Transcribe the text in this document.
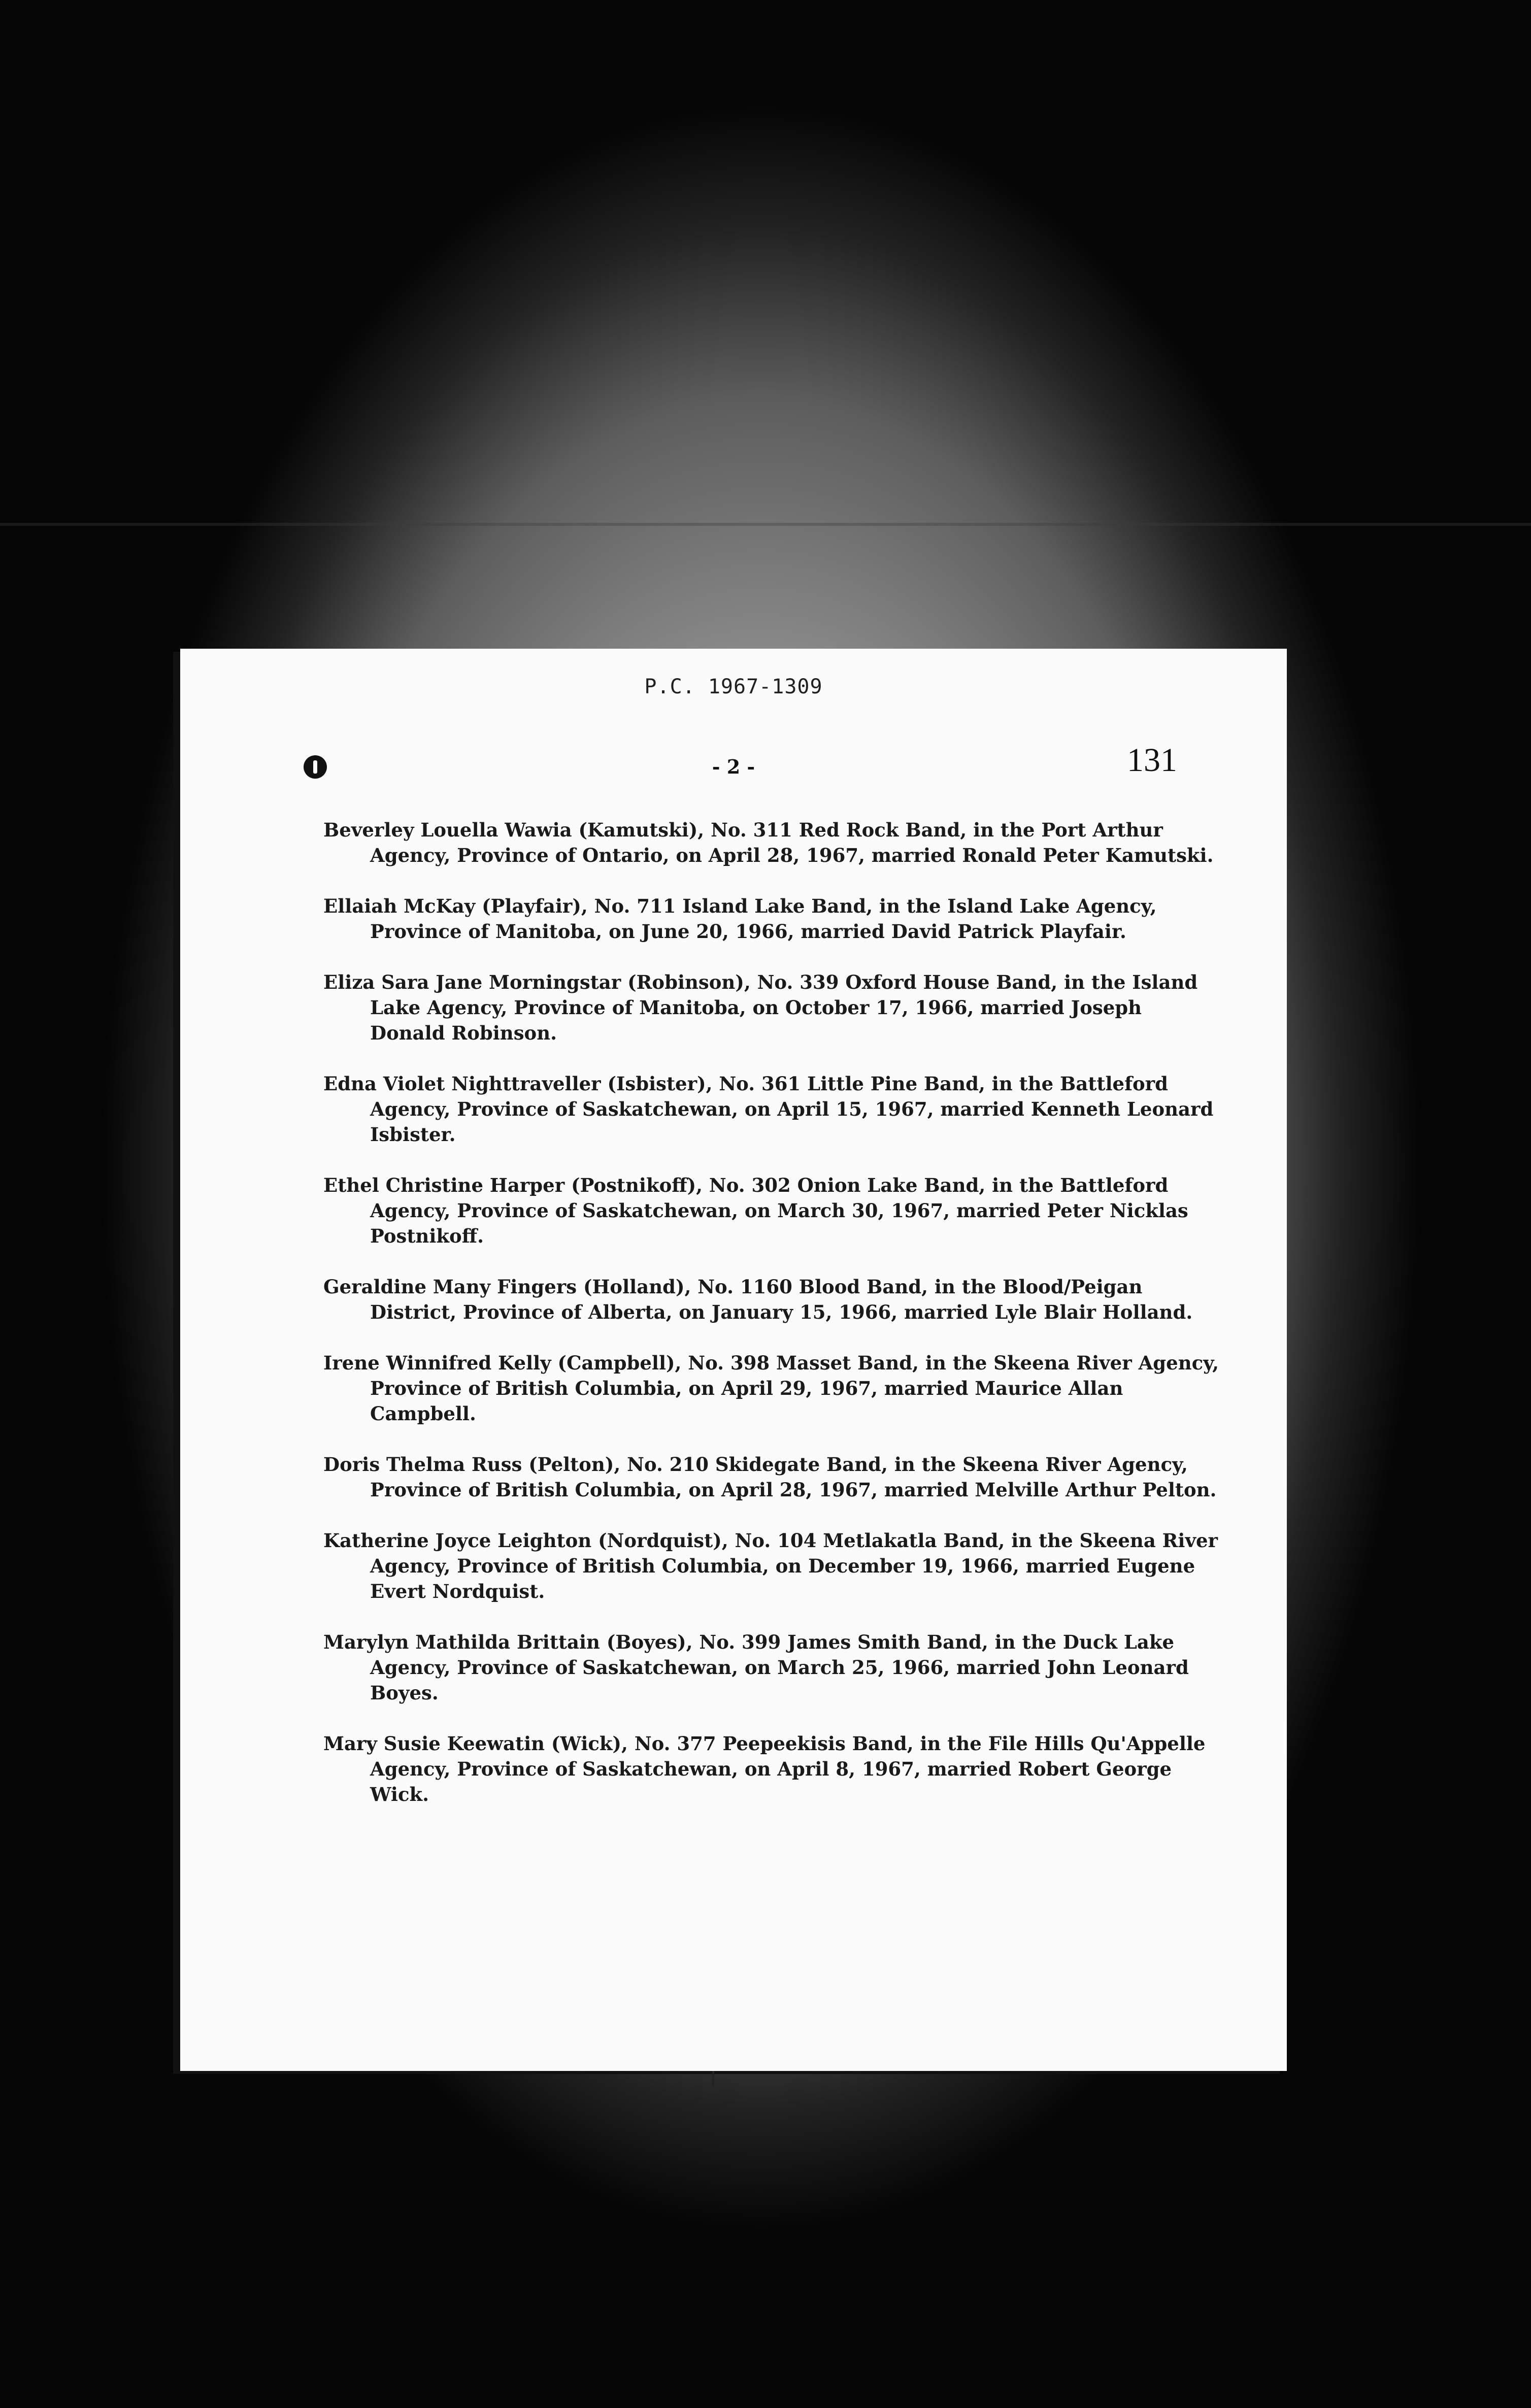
P.C. 1967-1309
- 2 -	131

Beverley Louella Wawia (Kamutski), No. 311 Red Rock Band, in the Port Arthur Agency, Province of Ontario, on April 28, 1967, married Ronald Peter Kamutski.

Ellaiah McKay (Playfair), No. 711 Island Lake Band, in the Island Lake Agency, Province of Manitoba, on June 20, 1966, married David Patrick Playfair.

Eliza Sara Jane Morningstar (Robinson), No. 339 Oxford House Band, in the Island Lake Agency, Province of Manitoba, on October 17, 1966, married Joseph Donald Robinson.

Edna Violet Nighttraveller (Isbister), No. 361 Little Pine Band, in the Battleford Agency, Province of Saskatchewan, on April 15, 1967, married Kenneth Leonard Isbister.

Ethel Christine Harper (Postnikoff), No. 302 Onion Lake Band, in the Battleford Agency, Province of Saskatchewan, on March 30, 1967, married Peter Nicklas Postnikoff.

Geraldine Many Fingers (Holland), No. 1160 Blood Band, in the Blood/Peigan District, Province of Alberta, on January 15, 1966, married Lyle Blair Holland.

Irene Winnifred Kelly (Campbell), No. 398 Masset Band, in the Skeena River Agency, Province of British Columbia, on April 29, 1967, married Maurice Allan Campbell.

Doris Thelma Russ (Pelton), No. 210 Skidegate Band, in the Skeena River Agency, Province of British Columbia, on April 28, 1967, married Melville Arthur Pelton.

Katherine Joyce Leighton (Nordquist), No. 104 Metlakatla Band, in the Skeena River Agency, Province of British Columbia, on December 19, 1966, married Eugene Evert Nordquist.

Marylyn Mathilda Brittain (Boyes), No. 399 James Smith Band, in the Duck Lake Agency, Province of Saskatchewan, on March 25, 1966, married John Leonard Boyes.

Mary Susie Keewatin (Wick), No. 377 Peepeekisis Band, in the File Hills Qu'Appelle Agency, Province of Saskatchewan, on April 8, 1967, married Robert George Wick.
